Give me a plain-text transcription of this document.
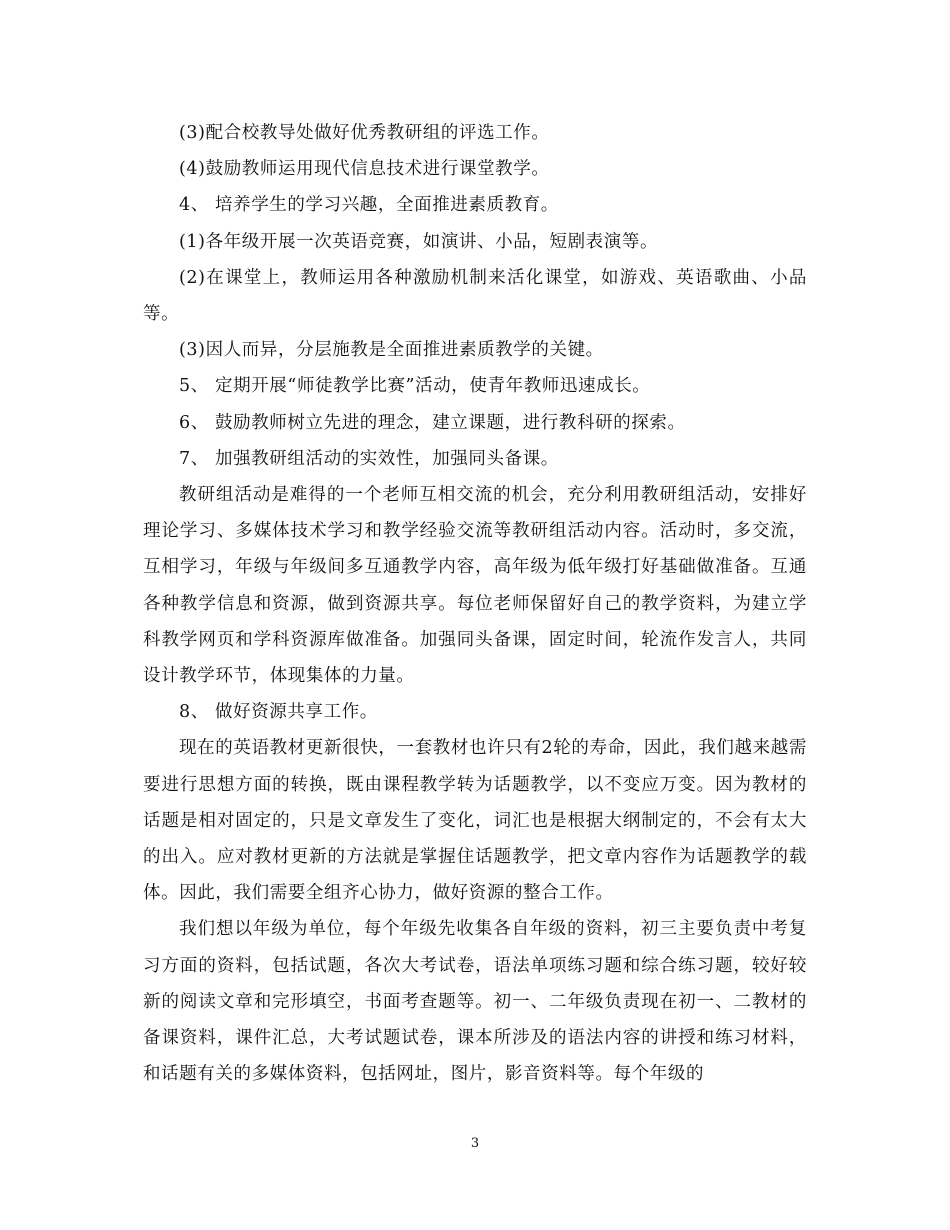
(3)配合校教导处做好优秀教研组的评选工作。

(4)鼓励教师运用现代信息技术进行课堂教学。

4、 培养学生的学习兴趣，全面推进素质教育。

(1)各年级开展一次英语竞赛，如演讲、小品，短剧表演等。

(2)在课堂上，教师运用各种激励机制来活化课堂，如游戏、英语歌曲、小品等。

(3)因人而异，分层施教是全面推进素质教学的关键。

5、 定期开展“师徒教学比赛”活动，使青年教师迅速成长。

6、 鼓励教师树立先进的理念，建立课题，进行教科研的探索。

7、 加强教研组活动的实效性，加强同头备课。

教研组活动是难得的一个老师互相交流的机会，充分利用教研组活动，安排好理论学习、多媒体技术学习和教学经验交流等教研组活动内容。活动时，多交流，互相学习，年级与年级间多互通教学内容，高年级为低年级打好基础做准备。互通各种教学信息和资源，做到资源共享。每位老师保留好自己的教学资料，为建立学科教学网页和学科资源库做准备。加强同头备课，固定时间，轮流作发言人，共同设计教学环节，体现集体的力量。

8、 做好资源共享工作。

现在的英语教材更新很快，一套教材也许只有2轮的寿命，因此，我们越来越需要进行思想方面的转换，既由课程教学转为话题教学，以不变应万变。因为教材的话题是相对固定的，只是文章发生了变化，词汇也是根据大纲制定的，不会有太大的出入。应对教材更新的方法就是掌握住话题教学，把文章内容作为话题教学的载体。因此，我们需要全组齐心协力，做好资源的整合工作。

我们想以年级为单位，每个年级先收集各自年级的资料，初三主要负责中考复习方面的资料，包括试题，各次大考试卷，语法单项练习题和综合练习题，较好较新的阅读文章和完形填空，书面考查题等。初一、二年级负责现在初一、二教材的备课资料，课件汇总，大考试题试卷，课本所涉及的语法内容的讲授和练习材料，和话题有关的多媒体资料，包括网址，图片，影音资料等。每个年级的

3
